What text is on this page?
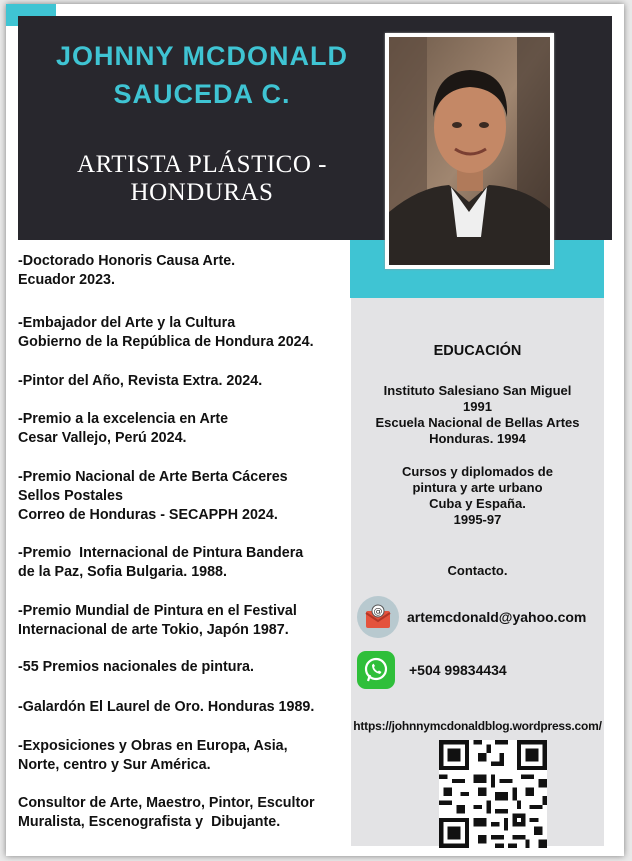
JOHNNY MCDONALD
SAUCEDA C.
ARTISTA PLÁSTICO - HONDURAS
-Doctorado Honoris Causa Arte.
Ecuador 2023.
-Embajador del Arte y la Cultura
Gobierno de la República de Hondura 2024.
-Pintor del Año, Revista Extra. 2024.
-Premio a la excelencia en Arte
Cesar Vallejo, Perú 2024.
-Premio Nacional de Arte Berta Cáceres
Sellos Postales
Correo de Honduras - SECAPPH 2024.
-Premio  Internacional de Pintura Bandera
de la Paz, Sofia Bulgaria. 1988.
-Premio Mundial de Pintura en el Festival
Internacional de arte Tokio, Japón 1987.
-55 Premios nacionales de pintura.
-Galardón El Laurel de Oro. Honduras 1989.
-Exposiciones y Obras en Europa, Asia,
Norte, centro y Sur América.
Consultor de Arte, Maestro, Pintor, Escultor
Muralista, Escenografista y  Dibujante.
EDUCACIÓN
Instituto Salesiano San Miguel
1991
Escuela Nacional de Bellas Artes
Honduras. 1994
Cursos y diplomados de
pintura y arte urbano
Cuba y España.
1995-97
Contacto.
@ artemcdonald@yahoo.com
+504 99834434
https://johnnymcdonaldblog.wordpress.com/
